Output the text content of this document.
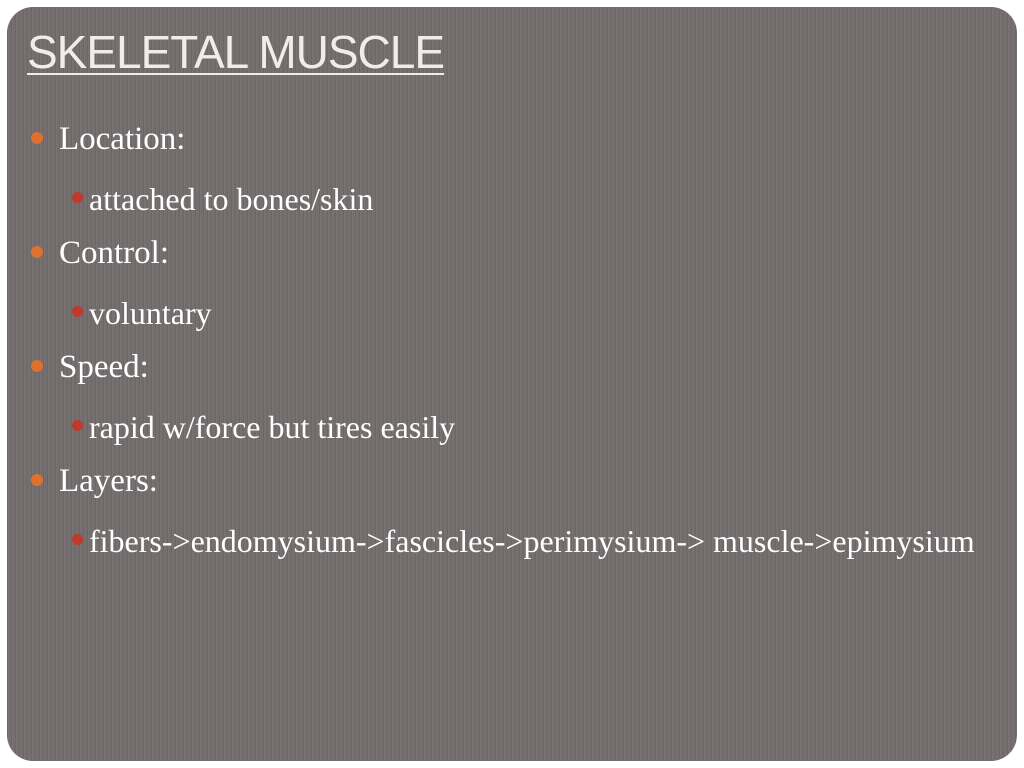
SKELETAL MUSCLE
Location:
attached to bones/skin
Control:
voluntary
Speed:
rapid w/force but tires easily
Layers:
fibers->endomysium->fascicles->perimysium-> muscle->epimysium
